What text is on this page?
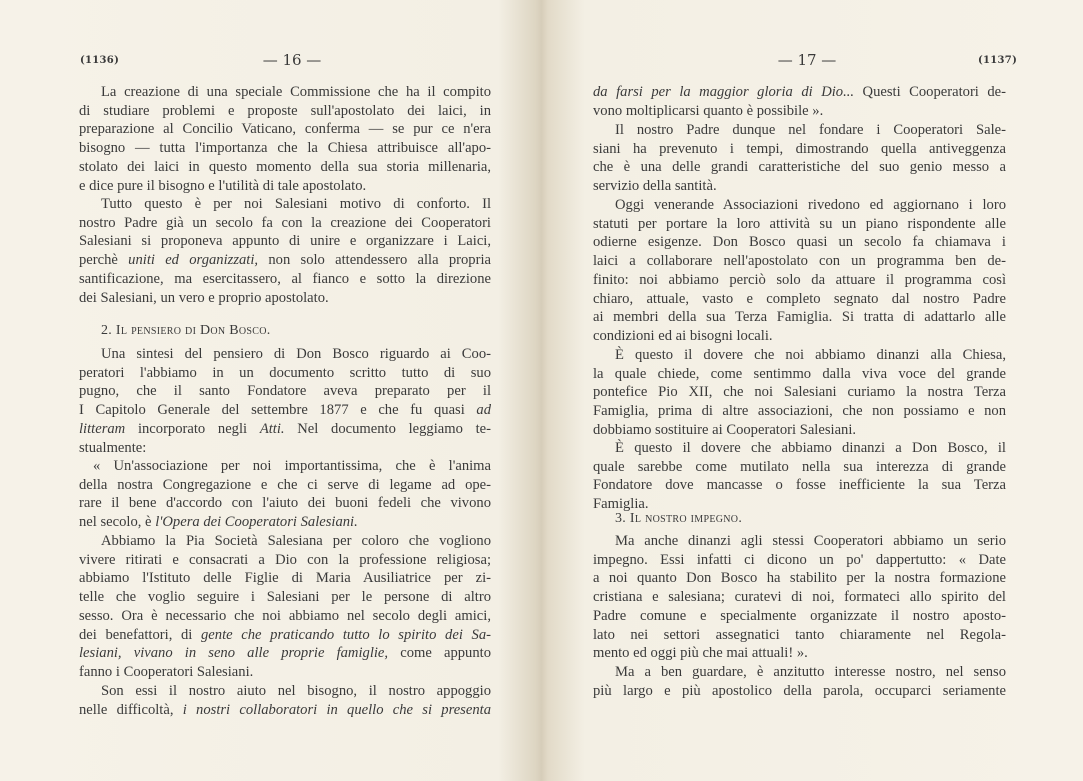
(1136)	— 16 —
La creazione di una speciale Commissione che ha il compito
di studiare problemi e proposte sull'apostolato dei laici, in
preparazione al Concilio Vaticano, conferma — se pur ce n'era
bisogno — tutta l'importanza che la Chiesa attribuisce all'apo-
stolato dei laici in questo momento della sua storia millenaria,
e dice pure il bisogno e l'utilità di tale apostolato.
Tutto questo è per noi Salesiani motivo di conforto. Il
nostro Padre già un secolo fa con la creazione dei Cooperatori
Salesiani si proponeva appunto di unire e organizzare i Laici,
perchè uniti ed organizzati, non solo attendessero alla propria
santificazione, ma esercitassero, al fianco e sotto la direzione
dei Salesiani, un vero e proprio apostolato.
2. Il pensiero di Don Bosco.
Una sintesi del pensiero di Don Bosco riguardo ai Coo-
peratori l'abbiamo in un documento scritto tutto di suo
pugno, che il santo Fondatore aveva preparato per il
I Capitolo Generale del settembre 1877 e che fu quasi ad
litteram incorporato negli Atti. Nel documento leggiamo te-
stualmente:
« Un'associazione per noi importantissima, che è l'anima
della nostra Congregazione e che ci serve di legame ad ope-
rare il bene d'accordo con l'aiuto dei buoni fedeli che vivono
nel secolo, è l'Opera dei Cooperatori Salesiani.
Abbiamo la Pia Società Salesiana per coloro che vogliono
vivere ritirati e consacrati a Dio con la professione religiosa;
abbiamo l'Istituto delle Figlie di Maria Ausiliatrice per zi-
telle che voglio seguire i Salesiani per le persone di altro
sesso. Ora è necessario che noi abbiamo nel secolo degli amici,
dei benefattori, di gente che praticando tutto lo spirito dei Sa-
lesiani, vivano in seno alle proprie famiglie, come appunto
fanno i Cooperatori Salesiani.
Son essi il nostro aiuto nel bisogno, il nostro appoggio
nelle difficoltà, i nostri collaboratori in quello che si presenta
— 17 —	(1137)
da farsi per la maggior gloria di Dio... Questi Cooperatori de-
vono moltiplicarsi quanto è possibile ».
Il nostro Padre dunque nel fondare i Cooperatori Sale-
siani ha prevenuto i tempi, dimostrando quella antiveggenza
che è una delle grandi caratteristiche del suo genio messo a
servizio della santità.
Oggi venerande Associazioni rivedono ed aggiornano i loro
statuti per portare la loro attività su un piano rispondente alle
odierne esigenze. Don Bosco quasi un secolo fa chiamava i
laici a collaborare nell'apostolato con un programma ben de-
finito: noi abbiamo perciò solo da attuare il programma così
chiaro, attuale, vasto e completo segnato dal nostro Padre
ai membri della sua Terza Famiglia. Si tratta di adattarlo alle
condizioni ed ai bisogni locali.
È questo il dovere che noi abbiamo dinanzi alla Chiesa,
la quale chiede, come sentimmo dalla viva voce del grande
pontefice Pio XII, che noi Salesiani curiamo la nostra Terza
Famiglia, prima di altre associazioni, che non possiamo e non
dobbiamo sostituire ai Cooperatori Salesiani.
È questo il dovere che abbiamo dinanzi a Don Bosco, il
quale sarebbe come mutilato nella sua interezza di grande
Fondatore dove mancasse o fosse inefficiente la sua Terza
Famiglia.
3. Il nostro impegno.
Ma anche dinanzi agli stessi Cooperatori abbiamo un serio
impegno. Essi infatti ci dicono un po' dappertutto: « Date
a noi quanto Don Bosco ha stabilito per la nostra formazione
cristiana e salesiana; curatevi di noi, formateci allo spirito del
Padre comune e specialmente organizzate il nostro aposto-
lato nei settori assegnatici tanto chiaramente nel Regola-
mento ed oggi più che mai attuali! ».
Ma a ben guardare, è anzitutto interesse nostro, nel senso
più largo e più apostolico della parola, occuparci seriamente
